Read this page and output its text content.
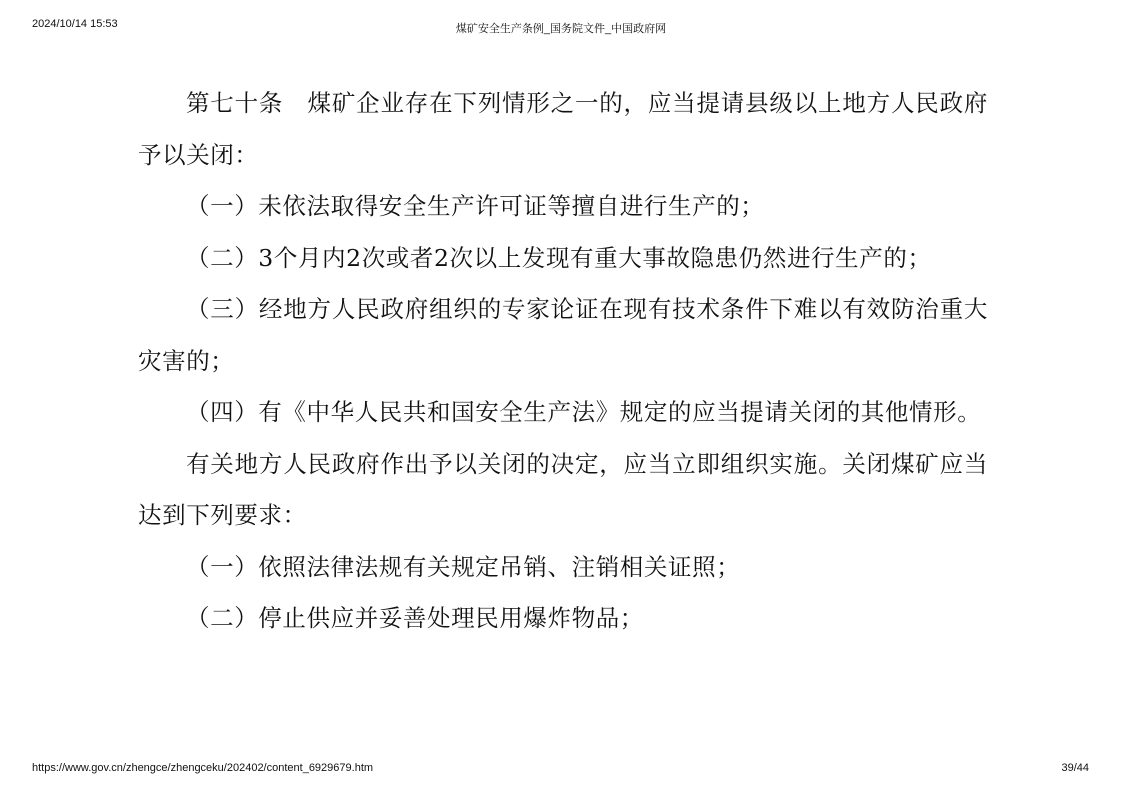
2024/10/14 15:53	煤矿安全生产条例_国务院文件_中国政府网

第七十条　煤矿企业存在下列情形之一的，应当提请县级以上地方人民政府予以关闭：

（一）未依法取得安全生产许可证等擅自进行生产的；

（二）3个月内2次或者2次以上发现有重大事故隐患仍然进行生产的；

（三）经地方人民政府组织的专家论证在现有技术条件下难以有效防治重大灾害的；

（四）有《中华人民共和国安全生产法》规定的应当提请关闭的其他情形。

有关地方人民政府作出予以关闭的决定，应当立即组织实施。关闭煤矿应当达到下列要求：

（一）依照法律法规有关规定吊销、注销相关证照；

（二）停止供应并妥善处理民用爆炸物品；

https://www.gov.cn/zhengce/zhengceku/202402/content_6929679.htm	39/44
